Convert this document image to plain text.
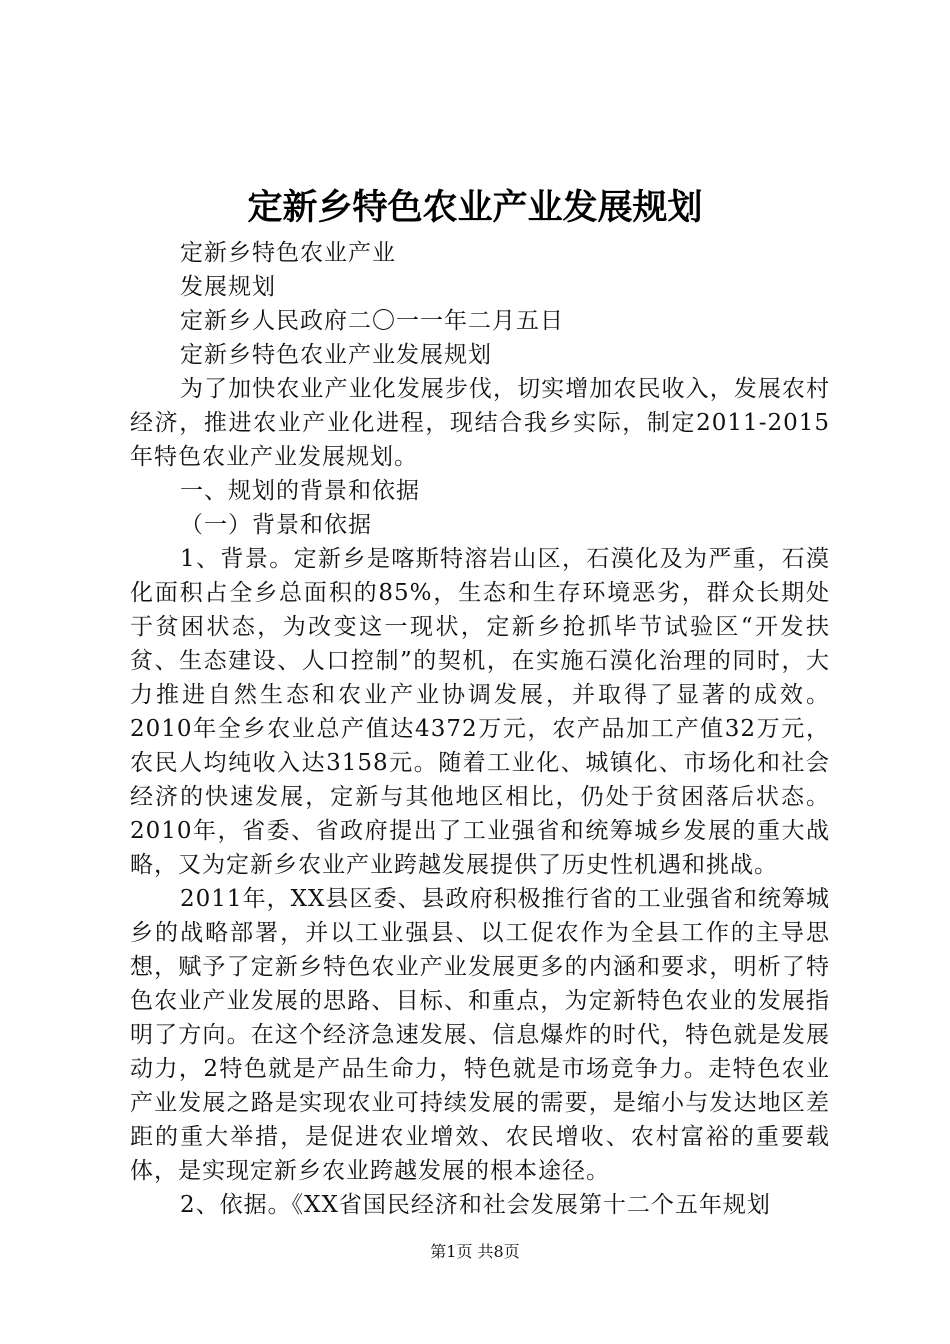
定新乡特色农业产业发展规划

定新乡特色农业产业

发展规划

定新乡人民政府二〇一一年二月五日

定新乡特色农业产业发展规划

为了加快农业产业化发展步伐，切实增加农民收入，发展农村经济，推进农业产业化进程，现结合我乡实际，制定2011-2015年特色农业产业发展规划。

一、规划的背景和依据

（一）背景和依据

1、背景。定新乡是喀斯特溶岩山区，石漠化及为严重，石漠化面积占全乡总面积的85%，生态和生存环境恶劣，群众长期处于贫困状态，为改变这一现状，定新乡抢抓毕节试验区“开发扶贫、生态建设、人口控制”的契机，在实施石漠化治理的同时，大力推进自然生态和农业产业协调发展，并取得了显著的成效。2010年全乡农业总产值达4372万元，农产品加工产值32万元，农民人均纯收入达3158元。随着工业化、城镇化、市场化和社会经济的快速发展，定新与其他地区相比，仍处于贫困落后状态。2010年，省委、省政府提出了工业强省和统筹城乡发展的重大战略，又为定新乡农业产业跨越发展提供了历史性机遇和挑战。

2011年，XX县区委、县政府积极推行省的工业强省和统筹城乡的战略部署，并以工业强县、以工促农作为全县工作的主导思想，赋予了定新乡特色农业产业发展更多的内涵和要求，明析了特色农业产业发展的思路、目标、和重点，为定新特色农业的发展指明了方向。在这个经济急速发展、信息爆炸的时代，特色就是发展动力，2特色就是产品生命力，特色就是市场竞争力。走特色农业产业发展之路是实现农业可持续发展的需要，是缩小与发达地区差距的重大举措，是促进农业增效、农民增收、农村富裕的重要载体，是实现定新乡农业跨越发展的根本途径。

2、依据。《XX省国民经济和社会发展第十二个五年规划

第1页 共8页
